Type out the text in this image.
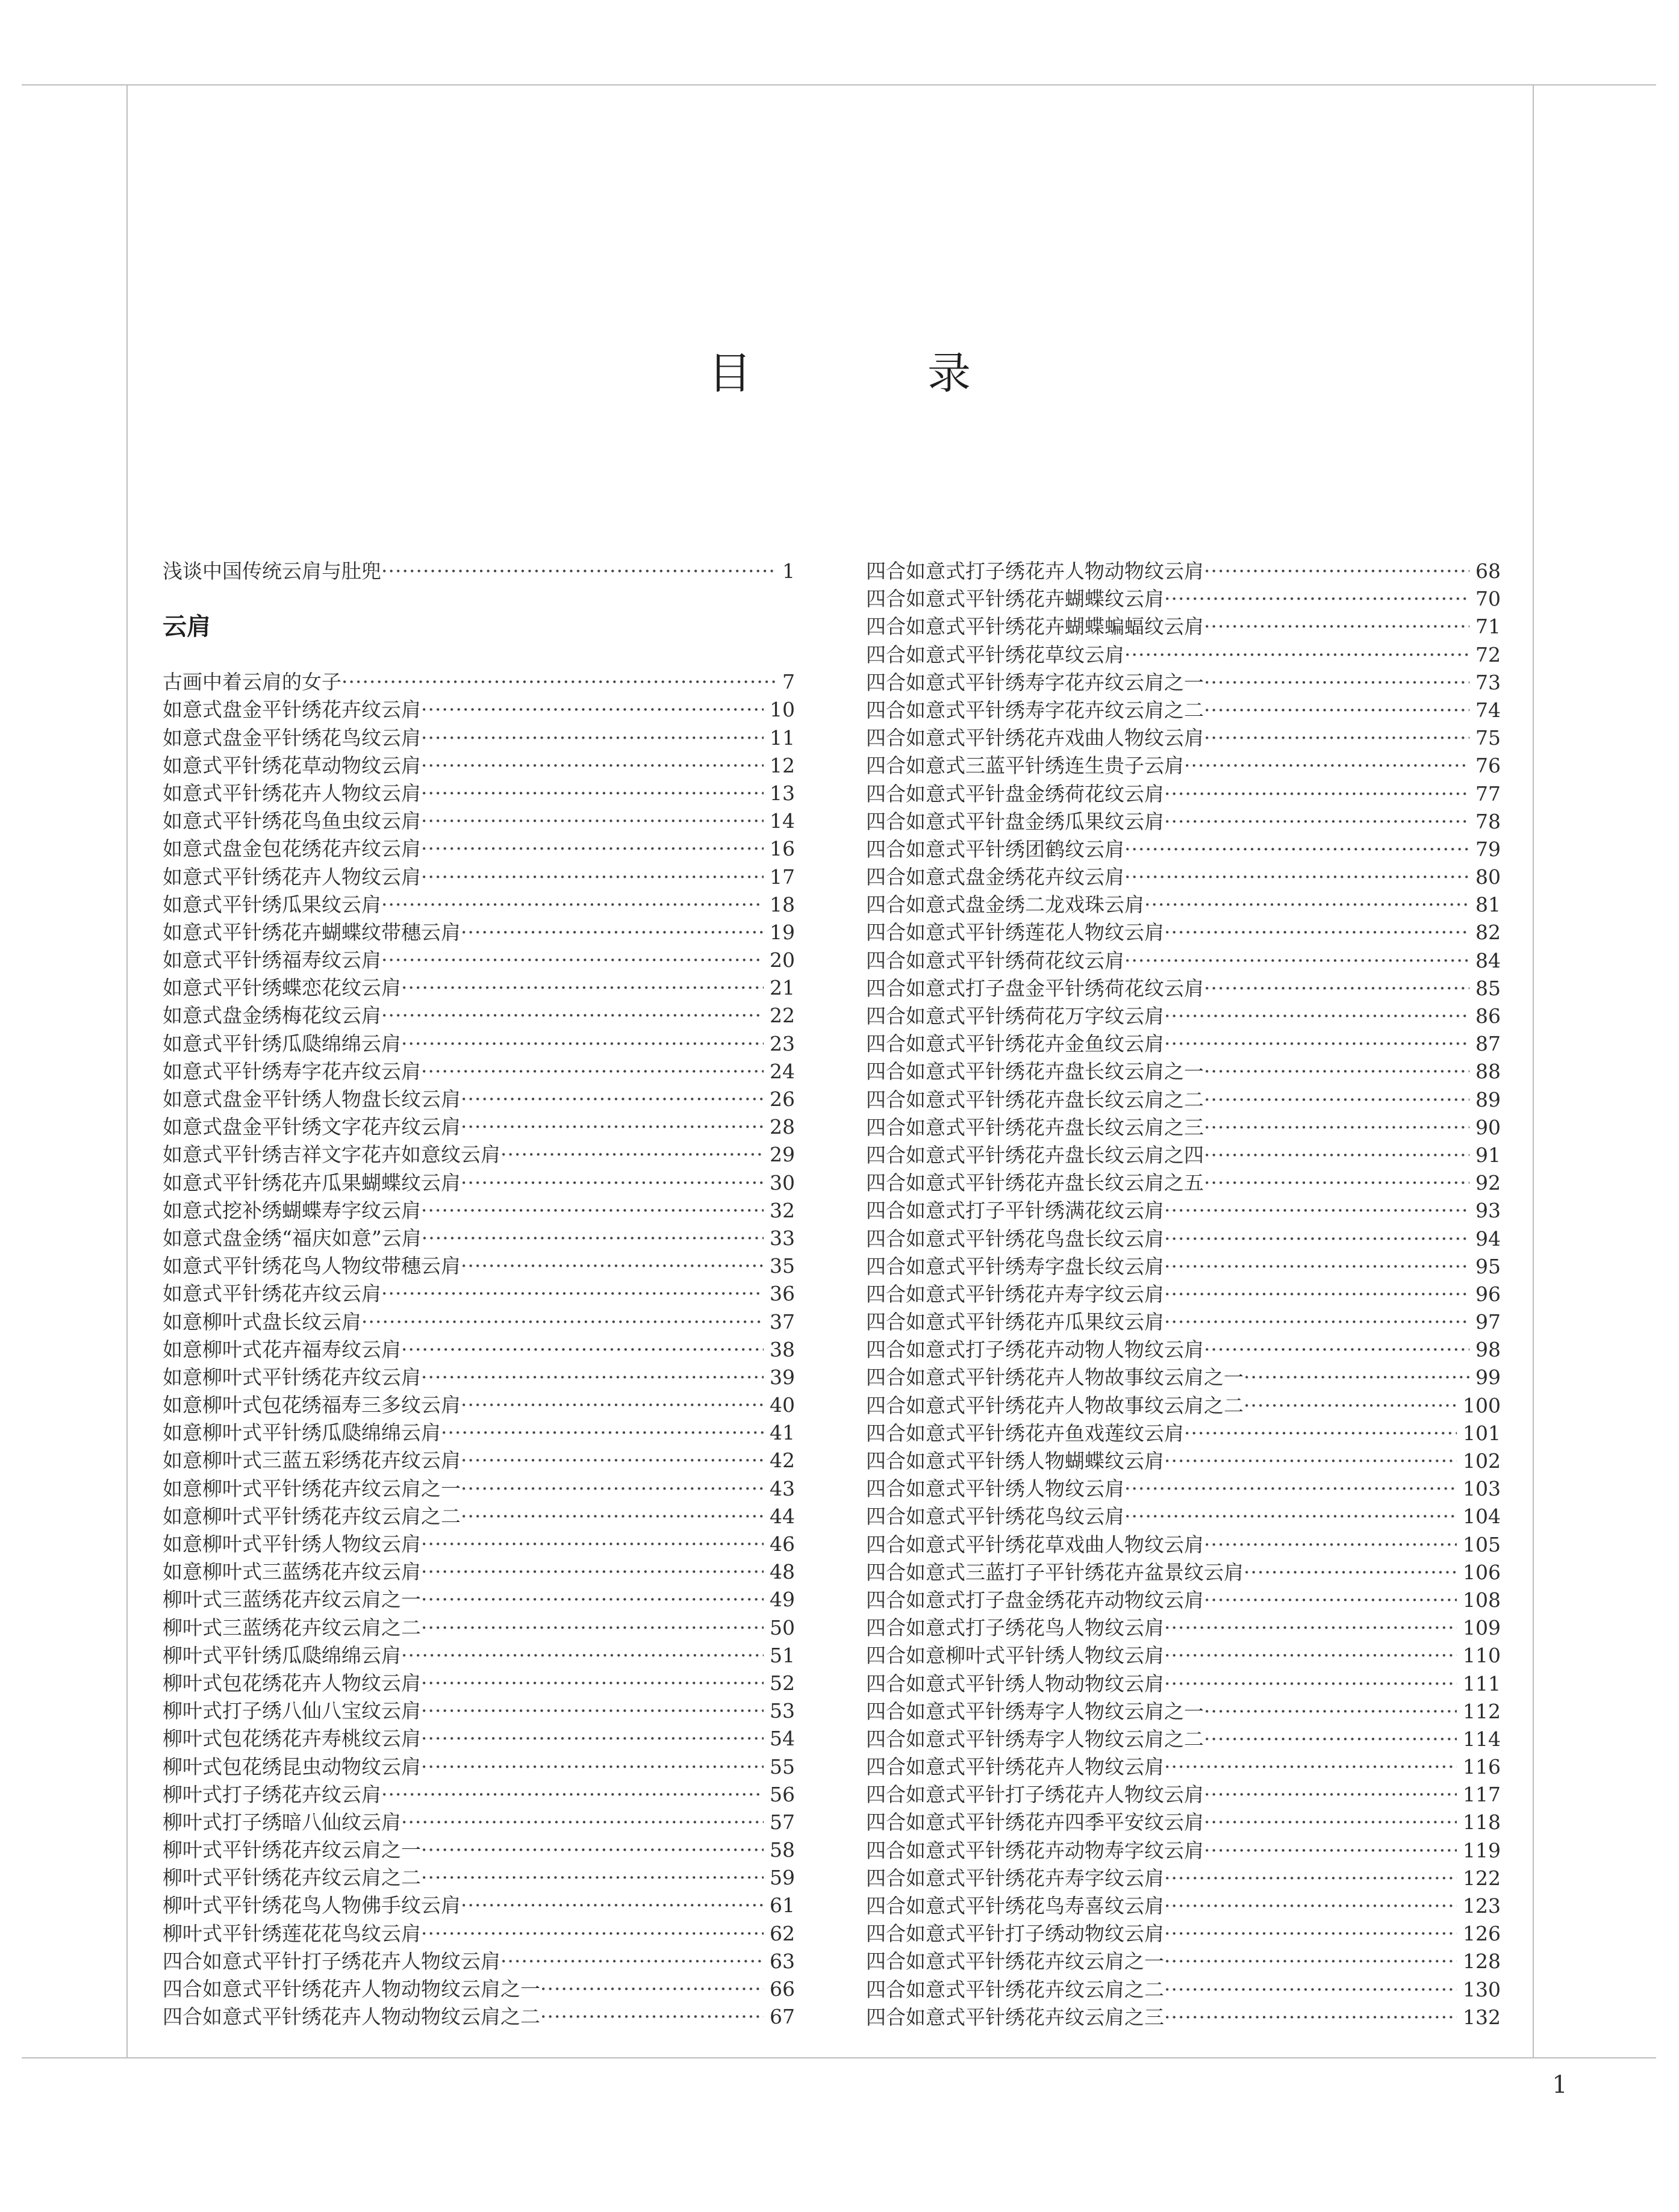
目　录
浅谈中国传统云肩与肚兜 ·····	1
云肩
古画中着云肩的女子 ·····	7
如意式盘金平针绣花卉纹云肩 ·····	10
如意式盘金平针绣花鸟纹云肩 ·····	11
如意式平针绣花草动物纹云肩 ·····	12
如意式平针绣花卉人物纹云肩 ·····	13
如意式平针绣花鸟鱼虫纹云肩 ·····	14
如意式盘金包花绣花卉纹云肩 ·····	16
如意式平针绣花卉人物纹云肩 ·····	17
如意式平针绣瓜果纹云肩 ·····	18
如意式平针绣花卉蝴蝶纹带穗云肩 ·····	19
如意式平针绣福寿纹云肩 ·····	20
如意式平针绣蝶恋花纹云肩 ·····	21
如意式盘金绣梅花纹云肩 ·····	22
如意式平针绣瓜瓞绵绵云肩 ·····	23
如意式平针绣寿字花卉纹云肩 ·····	24
如意式盘金平针绣人物盘长纹云肩 ·····	26
如意式盘金平针绣文字花卉纹云肩 ·····	28
如意式平针绣吉祥文字花卉如意纹云肩 ·····	29
如意式平针绣花卉瓜果蝴蝶纹云肩 ·····	30
如意式挖补绣蝴蝶寿字纹云肩 ·····	32
如意式盘金绣“福庆如意”云肩 ·····	33
如意式平针绣花鸟人物纹带穗云肩 ·····	35
如意式平针绣花卉纹云肩 ·····	36
如意柳叶式盘长纹云肩 ·····	37
如意柳叶式花卉福寿纹云肩 ·····	38
如意柳叶式平针绣花卉纹云肩 ·····	39
如意柳叶式包花绣福寿三多纹云肩 ·····	40
如意柳叶式平针绣瓜瓞绵绵云肩 ·····	41
如意柳叶式三蓝五彩绣花卉纹云肩 ·····	42
如意柳叶式平针绣花卉纹云肩之一 ·····	43
如意柳叶式平针绣花卉纹云肩之二 ·····	44
如意柳叶式平针绣人物纹云肩 ·····	46
如意柳叶式三蓝绣花卉纹云肩 ·····	48
柳叶式三蓝绣花卉纹云肩之一 ·····	49
柳叶式三蓝绣花卉纹云肩之二 ·····	50
柳叶式平针绣瓜瓞绵绵云肩 ·····	51
柳叶式包花绣花卉人物纹云肩 ·····	52
柳叶式打子绣八仙八宝纹云肩 ·····	53
柳叶式包花绣花卉寿桃纹云肩 ·····	54
柳叶式包花绣昆虫动物纹云肩 ·····	55
柳叶式打子绣花卉纹云肩 ·····	56
柳叶式打子绣暗八仙纹云肩 ·····	57
柳叶式平针绣花卉纹云肩之一 ·····	58
柳叶式平针绣花卉纹云肩之二 ·····	59
柳叶式平针绣花鸟人物佛手纹云肩 ·····	61
柳叶式平针绣莲花花鸟纹云肩 ·····	62
四合如意式平针打子绣花卉人物纹云肩 ·····	63
四合如意式平针绣花卉人物动物纹云肩之一 ·····	66
四合如意式平针绣花卉人物动物纹云肩之二 ·····	67
四合如意式打子绣花卉人物动物纹云肩 ·····	68
四合如意式平针绣花卉蝴蝶纹云肩 ·····	70
四合如意式平针绣花卉蝴蝶蝙蝠纹云肩 ·····	71
四合如意式平针绣花草纹云肩 ·····	72
四合如意式平针绣寿字花卉纹云肩之一 ·····	73
四合如意式平针绣寿字花卉纹云肩之二 ·····	74
四合如意式平针绣花卉戏曲人物纹云肩 ·····	75
四合如意式三蓝平针绣连生贵子云肩 ·····	76
四合如意式平针盘金绣荷花纹云肩 ·····	77
四合如意式平针盘金绣瓜果纹云肩 ·····	78
四合如意式平针绣团鹤纹云肩 ·····	79
四合如意式盘金绣花卉纹云肩 ·····	80
四合如意式盘金绣二龙戏珠云肩 ·····	81
四合如意式平针绣莲花人物纹云肩 ·····	82
四合如意式平针绣荷花纹云肩 ·····	84
四合如意式打子盘金平针绣荷花纹云肩 ·····	85
四合如意式平针绣荷花万字纹云肩 ·····	86
四合如意式平针绣花卉金鱼纹云肩 ·····	87
四合如意式平针绣花卉盘长纹云肩之一 ·····	88
四合如意式平针绣花卉盘长纹云肩之二 ·····	89
四合如意式平针绣花卉盘长纹云肩之三 ·····	90
四合如意式平针绣花卉盘长纹云肩之四 ·····	91
四合如意式平针绣花卉盘长纹云肩之五 ·····	92
四合如意式打子平针绣满花纹云肩 ·····	93
四合如意式平针绣花鸟盘长纹云肩 ·····	94
四合如意式平针绣寿字盘长纹云肩 ·····	95
四合如意式平针绣花卉寿字纹云肩 ·····	96
四合如意式平针绣花卉瓜果纹云肩 ·····	97
四合如意式打子绣花卉动物人物纹云肩 ·····	98
四合如意式平针绣花卉人物故事纹云肩之一 ·····	99
四合如意式平针绣花卉人物故事纹云肩之二 ·····	100
四合如意式平针绣花卉鱼戏莲纹云肩 ·····	101
四合如意式平针绣人物蝴蝶纹云肩 ·····	102
四合如意式平针绣人物纹云肩 ·····	103
四合如意式平针绣花鸟纹云肩 ·····	104
四合如意式平针绣花草戏曲人物纹云肩 ·····	105
四合如意式三蓝打子平针绣花卉盆景纹云肩 ·····	106
四合如意式打子盘金绣花卉动物纹云肩 ·····	108
四合如意式打子绣花鸟人物纹云肩 ·····	109
四合如意柳叶式平针绣人物纹云肩 ·····	110
四合如意式平针绣人物动物纹云肩 ·····	111
四合如意式平针绣寿字人物纹云肩之一 ·····	112
四合如意式平针绣寿字人物纹云肩之二 ·····	114
四合如意式平针绣花卉人物纹云肩 ·····	116
四合如意式平针打子绣花卉人物纹云肩 ·····	117
四合如意式平针绣花卉四季平安纹云肩 ·····	118
四合如意式平针绣花卉动物寿字纹云肩 ·····	119
四合如意式平针绣花卉寿字纹云肩 ·····	122
四合如意式平针绣花鸟寿喜纹云肩 ·····	123
四合如意式平针打子绣动物纹云肩 ·····	126
四合如意式平针绣花卉纹云肩之一 ·····	128
四合如意式平针绣花卉纹云肩之二 ·····	130
四合如意式平针绣花卉纹云肩之三 ·····	132
1
